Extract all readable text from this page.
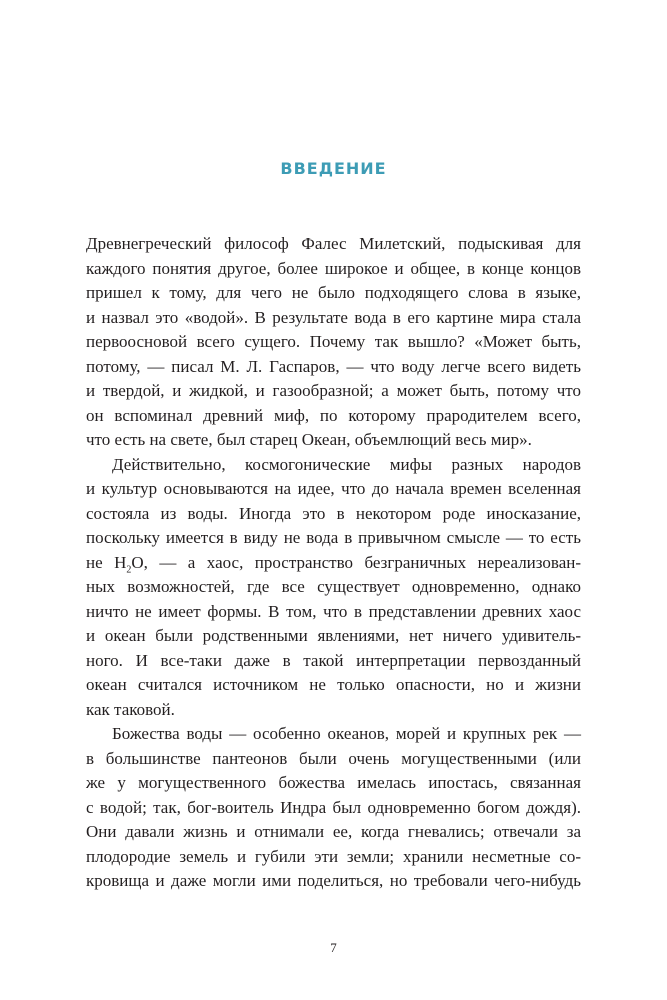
ВВЕДЕНИЕ

Древнегреческий философ Фалес Милетский, подыскивая для
каждого понятия другое, более широкое и общее, в конце концов
пришел к тому, для чего не было подходящего слова в языке,
и назвал это «водой». В результате вода в его картине мира стала
первоосновой всего сущего. Почему так вышло? «Может быть,
потому, — писал М. Л. Гаспаров, — что воду легче всего видеть
и твердой, и жидкой, и газообразной; а может быть, потому что
он вспоминал древний миф, по которому прародителем всего,
что есть на свете, был старец Океан, объемлющий весь мир».

Действительно, космогонические мифы разных народов
и культур основываются на идее, что до начала времен вселенная
состояла из воды. Иногда это в некотором роде иносказание,
поскольку имеется в виду не вода в привычном смысле — то есть
не $H_2O$, — а хаос, пространство безграничных нереализован-
ных возможностей, где все существует одновременно, однако
ничто не имеет формы. В том, что в представлении древних хаос
и океан были родственными явлениями, нет ничего удивитель-
ного. И все-таки даже в такой интерпретации первозданный
океан считался источником не только опасности, но и жизни
как таковой.

Божества воды — особенно океанов, морей и крупных рек —
в большинстве пантеонов были очень могущественными (или
же у могущественного божества имелась ипостась, связанная
с водой; так, бог-воитель Индра был одновременно богом дождя).
Они давали жизнь и отнимали ее, когда гневались; отвечали за
плодородие земель и губили эти земли; хранили несметные со-
кровища и даже могли ими поделиться, но требовали чего-нибудь

7
